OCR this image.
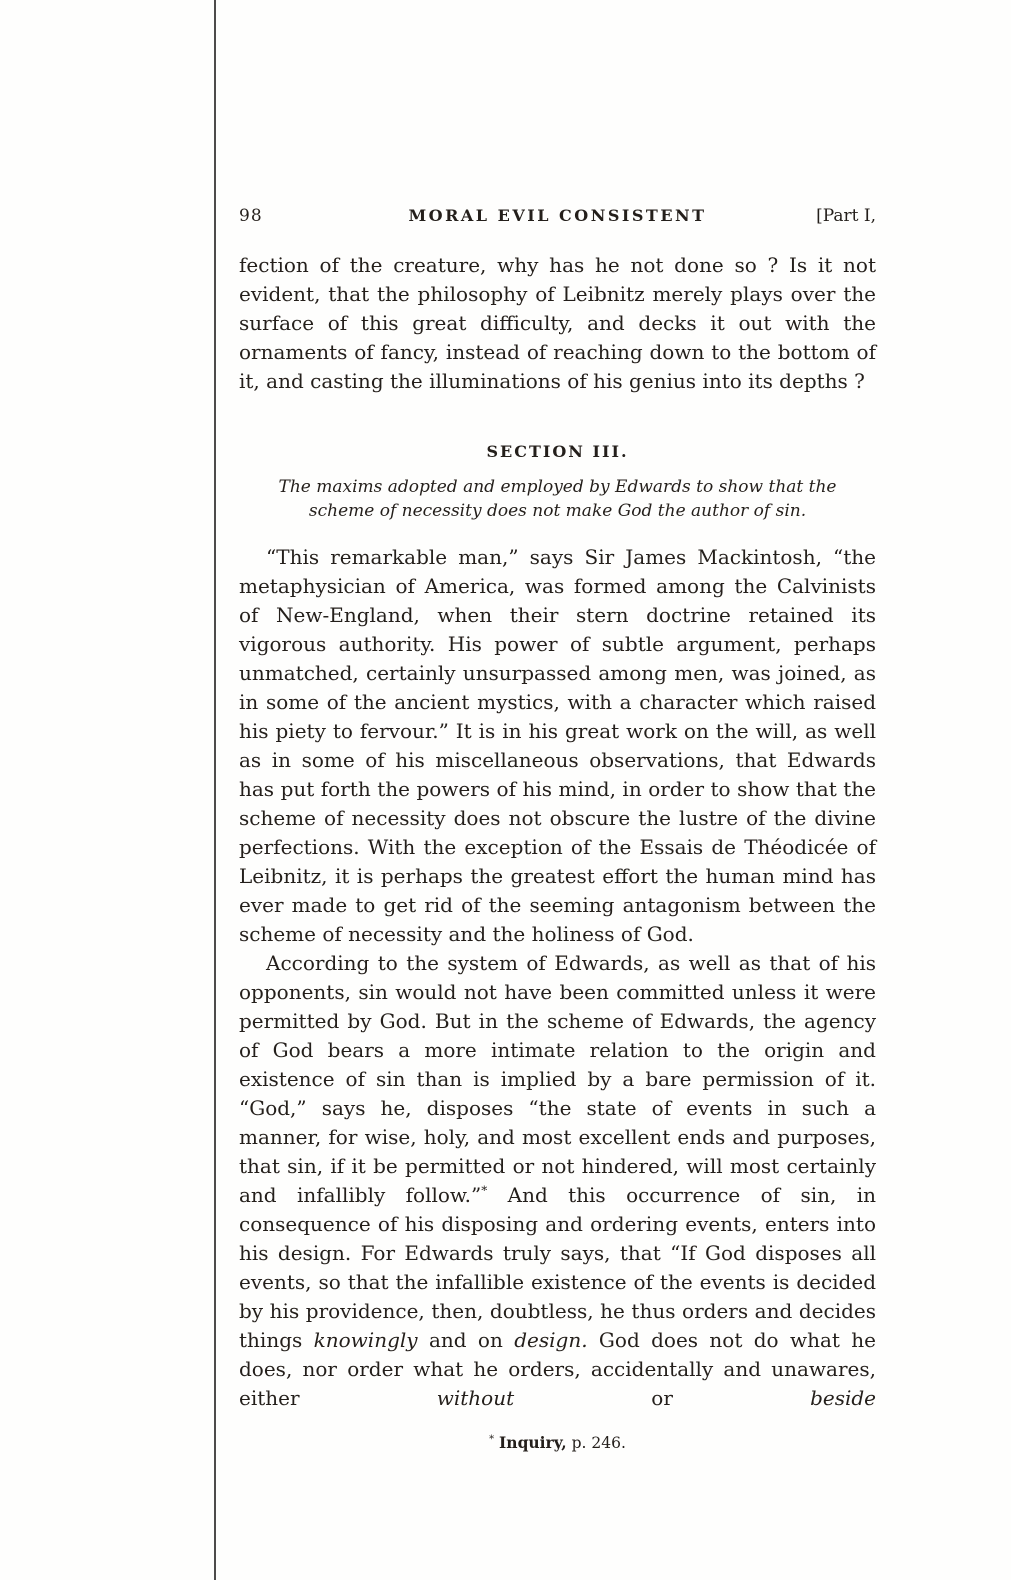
98	MORAL EVIL CONSISTENT	[Part I,

fection of the creature, why has he not done so ? Is it not evident, that the philosophy of Leibnitz merely plays over the surface of this great difficulty, and decks it out with the ornaments of fancy, instead of reaching down to the bottom of it, and casting the illuminations of his genius into its depths ?

SECTION III.

The maxims adopted and employed by Edwards to show that the scheme of necessity does not make God the author of sin.

“This remarkable man,” says Sir James Mackintosh, “the metaphysician of America, was formed among the Calvinists of New-England, when their stern doctrine retained its vigorous authority. His power of subtle argument, perhaps unmatched, certainly unsurpassed among men, was joined, as in some of the ancient mystics, with a character which raised his piety to fervour.” It is in his great work on the will, as well as in some of his miscellaneous observations, that Edwards has put forth the powers of his mind, in order to show that the scheme of necessity does not obscure the lustre of the divine perfections. With the exception of the Essais de Théodicée of Leibnitz, it is perhaps the greatest effort the human mind has ever made to get rid of the seeming antagonism between the scheme of necessity and the holiness of God.

According to the system of Edwards, as well as that of his opponents, sin would not have been committed unless it were permitted by God. But in the scheme of Edwards, the agency of God bears a more intimate relation to the origin and existence of sin than is implied by a bare permission of it. “God,” says he, disposes “the state of events in such a manner, for wise, holy, and most excellent ends and purposes, that sin, if it be permitted or not hindered, will most certainly and infallibly follow.”* And this occurrence of sin, in consequence of his disposing and ordering events, enters into his design. For Edwards truly says, that “If God disposes all events, so that the infallible existence of the events is decided by his providence, then, doubtless, he thus orders and decides things knowingly and on design. God does not do what he does, nor order what he orders, accidentally and unawares, either without or beside

* Inquiry, p. 246.
